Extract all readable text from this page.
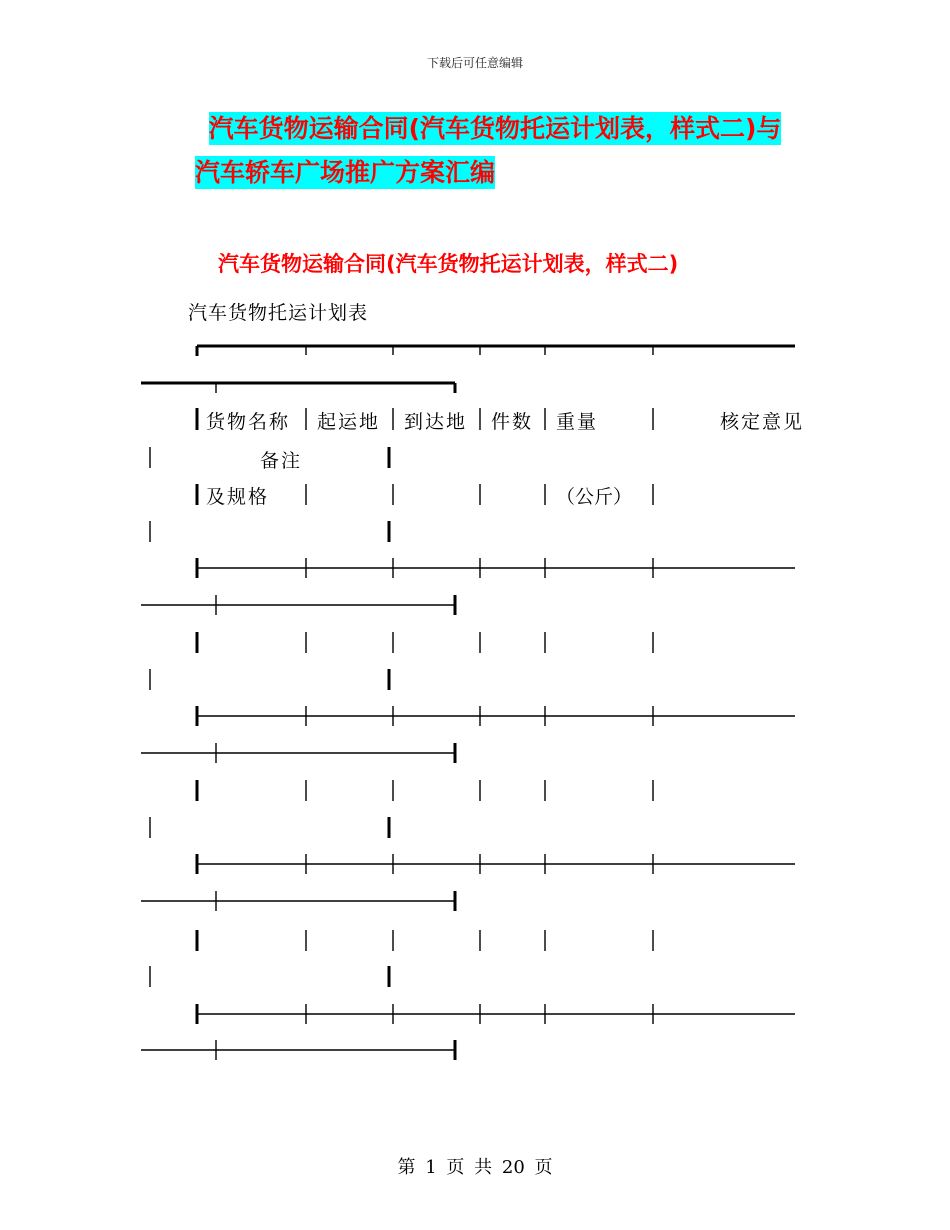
下载后可任意编辑
汽车货物运输合同(汽车货物托运计划表，样式二)与
汽车轿车广场推广方案汇编
汽车货物运输合同(汽车货物托运计划表，样式二)
汽车货物托运计划表
货物名称 起运地 到达地 件数 重量	核定意见
备注
及规格	（公斤）
第 1 页 共 20 页
